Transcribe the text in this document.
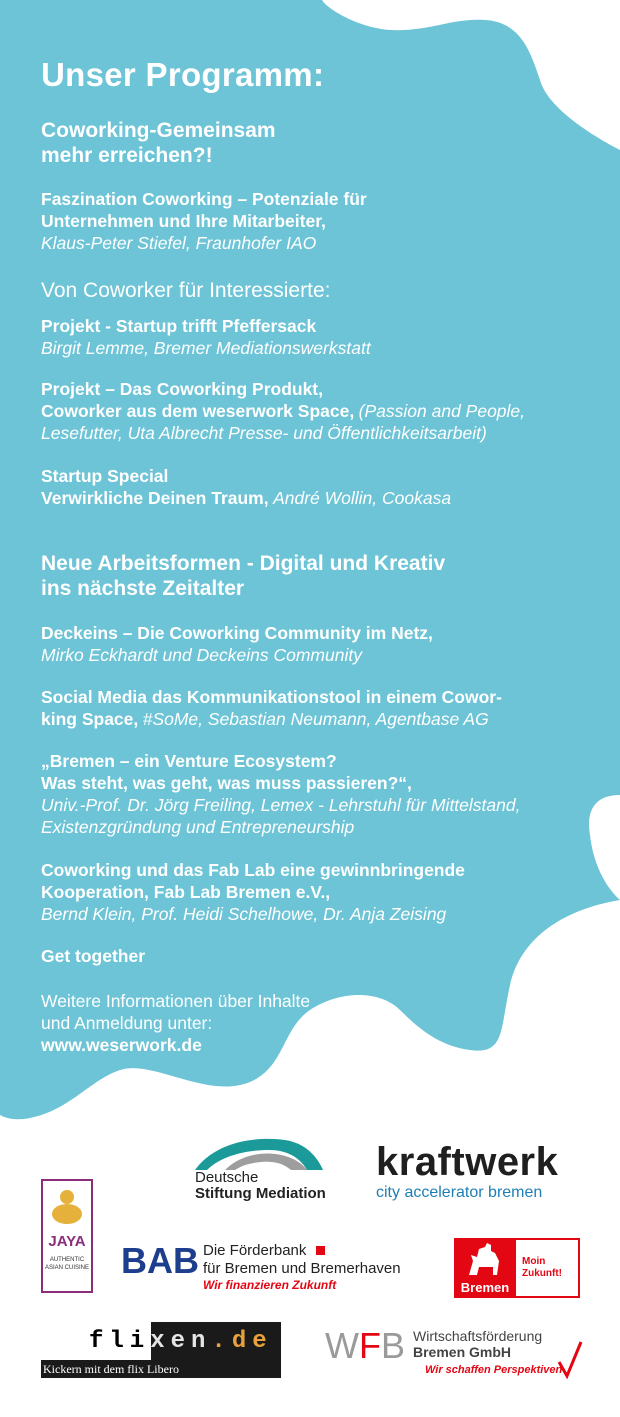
Unser Programm:
Coworking-Gemeinsam
mehr erreichen?!
Faszination Coworking – Potenziale für
Unternehmen und Ihre Mitarbeiter,
Klaus-Peter Stiefel, Fraunhofer IAO
Von Coworker für Interessierte:
Projekt - Startup trifft Pfeffersack
Birgit Lemme, Bremer Mediationswerkstatt
Projekt – Das Coworking Produkt,
Coworker aus dem weserwork Space, (Passion and People,
Lesefutter, Uta Albrecht Presse- und Öffentlichkeitsarbeit)
Startup Special
Verwirkliche Deinen Traum, André Wollin, Cookasa
Neue Arbeitsformen - Digital und Kreativ
ins nächste Zeitalter
Deckeins – Die Coworking Community im Netz,
Mirko Eckhardt und Deckeins Community
Social Media das Kommunikationstool in einem Cowor-
king Space, #SoMe, Sebastian Neumann, Agentbase AG
„Bremen – ein Venture Ecosystem?
Was steht, was geht, was muss passieren?“,
Univ.-Prof. Dr. Jörg Freiling, Lemex - Lehrstuhl für Mittelstand,
Existenzgründung und Entrepreneurship
Coworking und das Fab Lab eine gewinnbringende
Kooperation, Fab Lab Bremen e.V.,
Bernd Klein, Prof. Heidi Schelhowe, Dr. Anja Zeising
Get together
Weitere Informationen über Inhalte
und Anmeldung unter:
www.weserwork.de
Mit freundlicher
Unterstützung von:
Deutsche
Stiftung Mediation
kraftwerk
city accelerator bremen
JAYA
AUTHENTIC
ASIAN CUISINE BAB Die Förderbank
für Bremen und Bremerhaven
Wir finanzieren Zukunft	Bremen
Moin
Zukunft!
flixen.de
Kickern mit dem flix Libero
WFB Wirtschaftsförderung
Bremen GmbH
Wir schaffen Perspektiven
